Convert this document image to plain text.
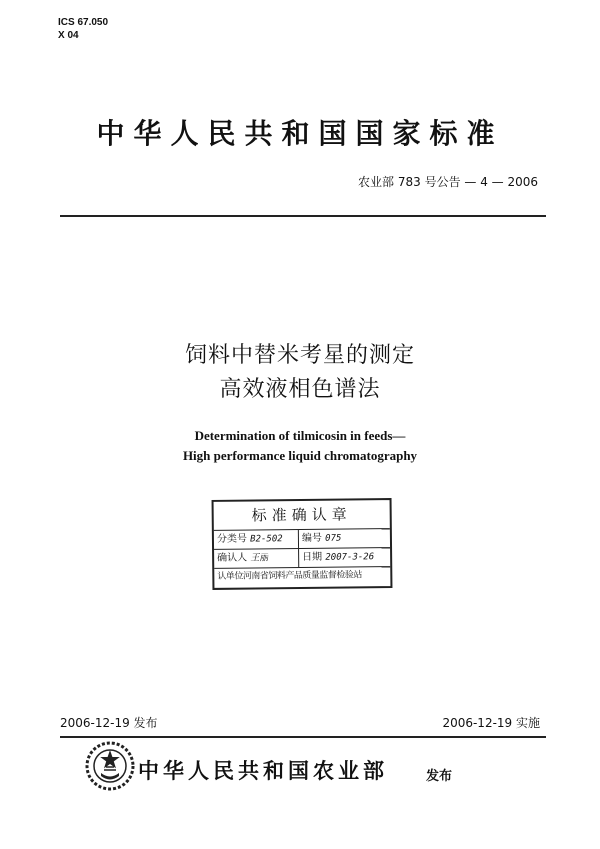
ICS 67.050
X 04
中华人民共和国国家标准
农业部 783 号公告 — 4 — 2006
饲料中替米考星的测定
高效液相色谱法
Determination of tilmicosin in feeds—
High performance liquid chromatography
标准确认章
分类号 B2-502	编号 075
确认人 王丽	日期 2007-3-26
认单位河南省饲料产品质量监督检验站
2006-12-19 发布	2006-12-19 实施
中华人民共和国农业部	发布
